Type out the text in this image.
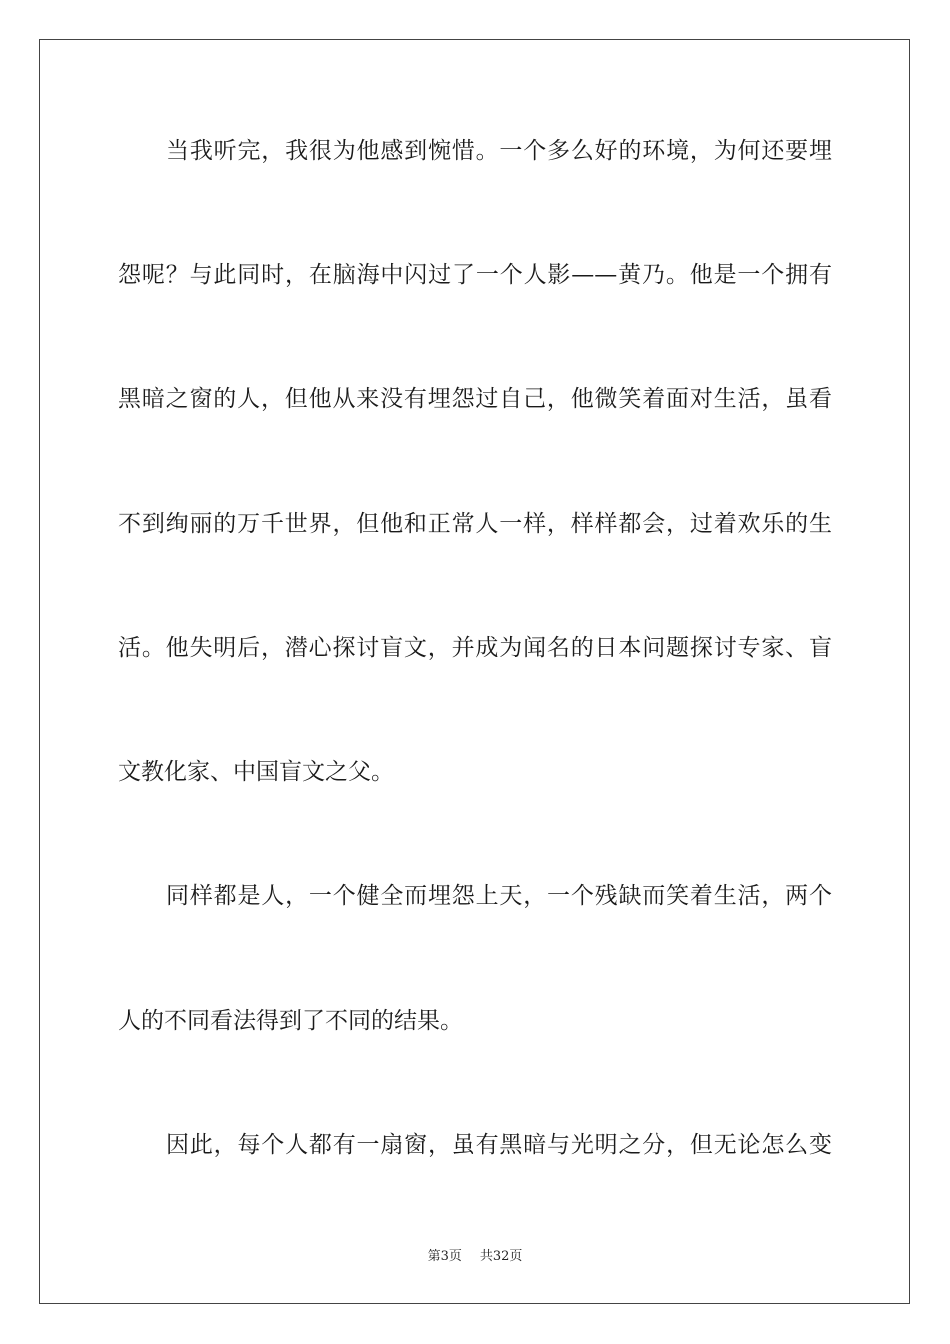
当我听完，我很为他感到惋惜。一个多么好的环境，为何还要埋
怨呢？与此同时，在脑海中闪过了一个人影——黄乃。他是一个拥有
黑暗之窗的人，但他从来没有埋怨过自己，他微笑着面对生活，虽看
不到绚丽的万千世界，但他和正常人一样，样样都会，过着欢乐的生
活。他失明后，潜心探讨盲文，并成为闻名的日本问题探讨专家、盲
文教化家、中国盲文之父。
同样都是人，一个健全而埋怨上天，一个残缺而笑着生活，两个
人的不同看法得到了不同的结果。
因此，每个人都有一扇窗，虽有黑暗与光明之分，但无论怎么变
第3页 共32页
